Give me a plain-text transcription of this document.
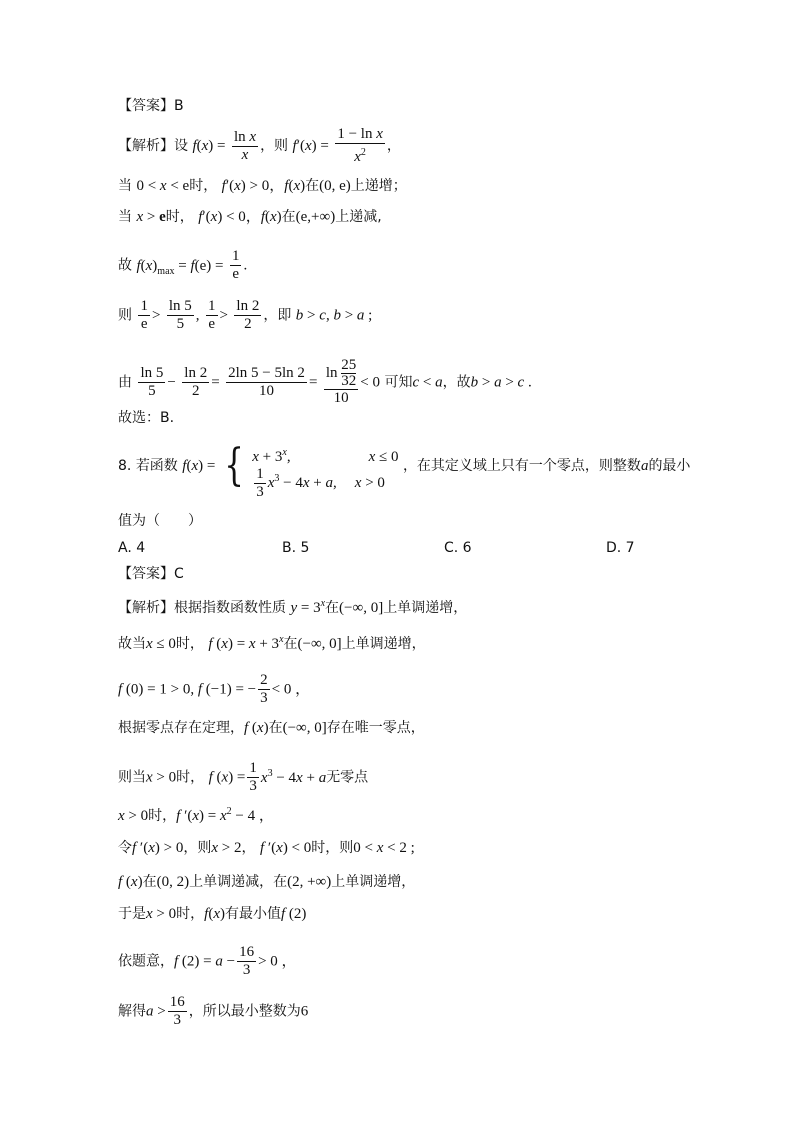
【答案】B
【解析】设 $f(x) = \frac{\text{ln x}}{x}$ ，则 $f'(x) = \frac{\text{1 − ln x}}{x^2}$ ，
当 0 < x < e时， f′(x) > 0，f(x)在(0, e)上递增；
当 x > e时， f′(x) < 0，f(x)在(e,+∞)上递减,
故 $f(x)_{max} = f(e) = \frac{1}{e}$ .
则 $\frac{1}{e} > \frac{\ln 5}{5}$ , $\frac{1}{e} > \frac{\ln 2}{2}$ ，即 b > c, b > a ;
由 $\frac{\ln 5}{5} - \frac{\ln 2}{2} = \frac{2\ln 5 - 5\ln 2}{10} = \frac{\ln \frac{25}{32}}{10} < 0$ 可知c < a，故b > a > c .
故选：B.
8. 若函数 f(x) = { $x + 3^x$,	x ≤ 0
$\frac{1}{3} x^3 - 4x + a$, x > 0
，在其定义域上只有一个零点，则整数a的最小
值为（　　）
A. 4	B. 5	C. 6	D. 7
【答案】C
【解析】根据指数函数性质 $y = 3^x$在(−∞, 0]上单调递增，
故当x ≤ 0时， f $(x) = x + 3^x$在(−∞, 0]上单调递增，
f (0) = 1 > 0, f (−1) = − $\frac{2}{3} < 0$ ，
根据零点存在定理，f (x)在(−∞, 0]存在唯一零点，
则当x > 0时， f $(x) = \frac{1}{3} x^3 - 4x + a$无零点
x > 0时，f $'(x) = x^2 - 4$ ，
令f ′(x) > 0，则x > 2， f ′(x) < 0时，则0 < x < 2 ;
f (x)在(0, 2)上单调递减，在(2, +∞)上单调递增，
于是x > 0时，f(x)有最小值f (2)
依题意，f $(2) = a - \frac{16}{3} > 0$ ，
解得$a > \frac{16}{3}$ ，所以最小整数为6
